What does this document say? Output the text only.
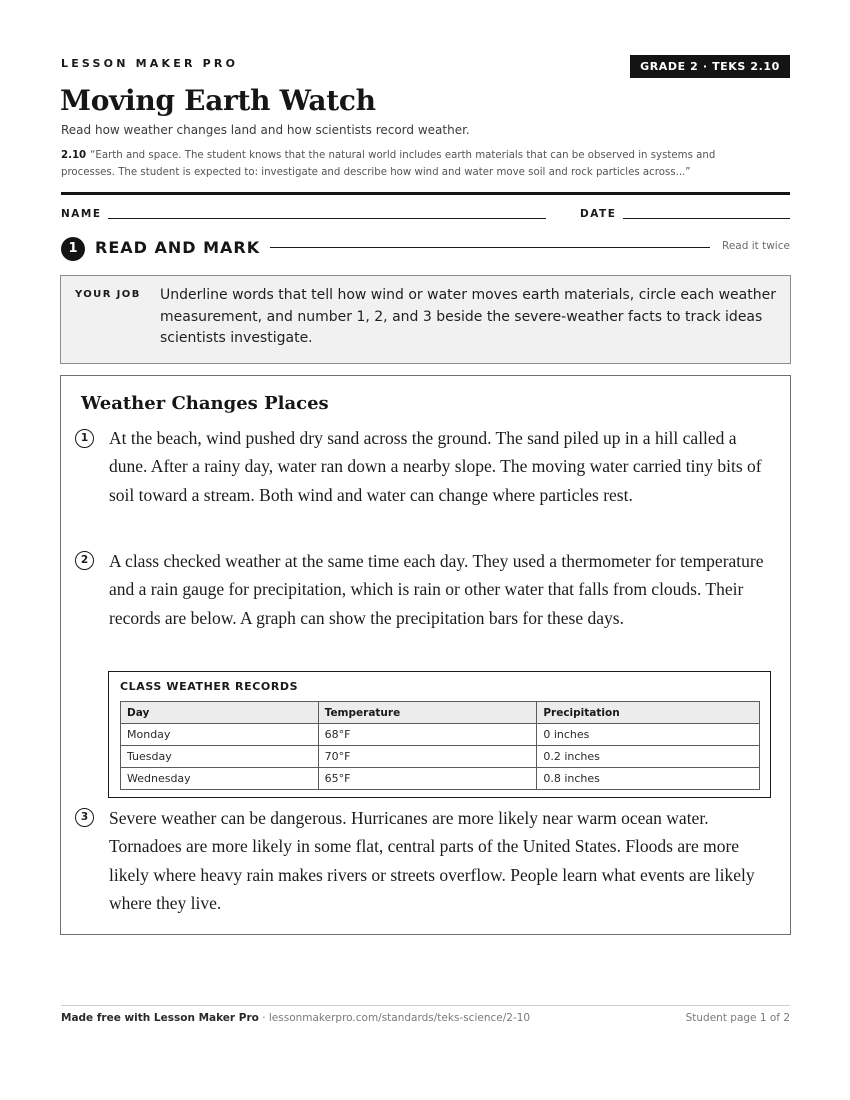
LESSON MAKER PRO	GRADE 2 · TEKS 2.10
Moving Earth Watch
Read how weather changes land and how scientists record weather.
2.10 “Earth and space. The student knows that the natural world includes earth materials that can be observed in systems and processes. The student is expected to: investigate and describe how wind and water move soil and rock particles across...”
NAME	DATE
1	READ AND MARK	Read it twice
YOUR JOB Underline words that tell how wind or water moves earth materials, circle each weather measurement, and number 1, 2, and 3 beside the severe-weather facts to track ideas scientists investigate.
Weather Changes Places
1	At the beach, wind pushed dry sand across the ground. The sand piled up in a hill called a dune. After a rainy day, water ran down a nearby slope. The moving water carried tiny bits of soil toward a stream. Both wind and water can change where particles rest.
2	A class checked weather at the same time each day. They used a thermometer for temperature and a rain gauge for precipitation, which is rain or other water that falls from clouds. Their records are below. A graph can show the precipitation bars for these days.
CLASS WEATHER RECORDS
Day	Temperature	Precipitation
Monday	68°F	0 inches
Tuesday	70°F	0.2 inches
Wednesday	65°F	0.8 inches
3	Severe weather can be dangerous. Hurricanes are more likely near warm ocean water. Tornadoes are more likely in some flat, central parts of the United States. Floods are more likely where heavy rain makes rivers or streets overflow. People learn what events are likely where they live.
Made free with Lesson Maker Pro · lessonmakerpro.com/standards/teks-science/2-10	Student page 1 of 2
